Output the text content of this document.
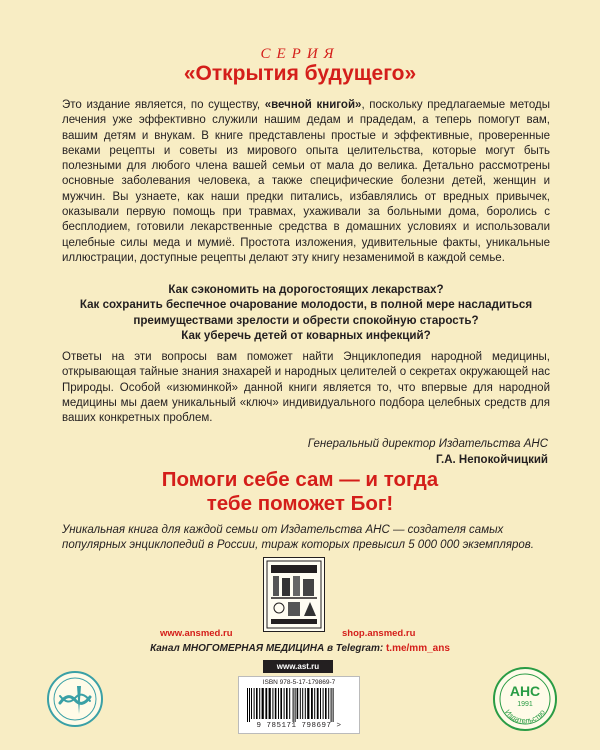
СЕРИЯ
«Открытия будущего»
Это издание является, по существу, «вечной книгой», поскольку предлагаемые методы лечения уже эффективно служили нашим дедам и прадедам, а теперь помогут вам, вашим детям и внукам. В книге представлены простые и эффективные, проверенные веками рецепты и советы из мирового опыта целительства, которые могут быть полезными для любого члена вашей семьи от мала до велика. Детально рассмотрены основные заболевания человека, а также специфические болезни детей, женщин и мужчин. Вы узнаете, как наши предки питались, избавлялись от вредных привычек, оказывали первую помощь при травмах, ухаживали за больными дома, боролись с бесплодием, готовили лекарственные средства в домашних условиях и использовали целебные силы меда и мумиё. Простота изложения, удивительные факты, уникальные иллюстрации, доступные рецепты делают эту книгу незаменимой в каждой семье.
Как сэкономить на дорогостоящих лекарствах?
Как сохранить беспечное очарование молодости, в полной мере насладиться преимуществами зрелости и обрести спокойную старость?
Как уберечь детей от коварных инфекций?
Ответы на эти вопросы вам поможет найти Энциклопедия народной медицины, открывающая тайные знания знахарей и народных целителей о секретах окружающей нас Природы. Особой «изюминкой» данной книги является то, что впервые для народной медицины мы даем уникальный «ключ» индивидуального подбора целебных средств для ваших конкретных проблем.
Генеральный директор Издательства АНС
Г.А. Непокойчицкий
Помоги себе сам — и тогда
тебе поможет Бог!
Уникальная книга для каждой семьи от Издательства АНС — создателя самых популярных энциклопедий в России, тираж которых превысил 5 000 000 экземпляров.
www.ansmed.ru	shop.ansmed.ru
Канал МНОГОМЕРНАЯ МЕДИЦИНА в Telegram: t.me/mm_ans
www.ast.ru
ISBN 978-5-17-179869-7
9 785171 798697 >
АНС
1991
Издательство
